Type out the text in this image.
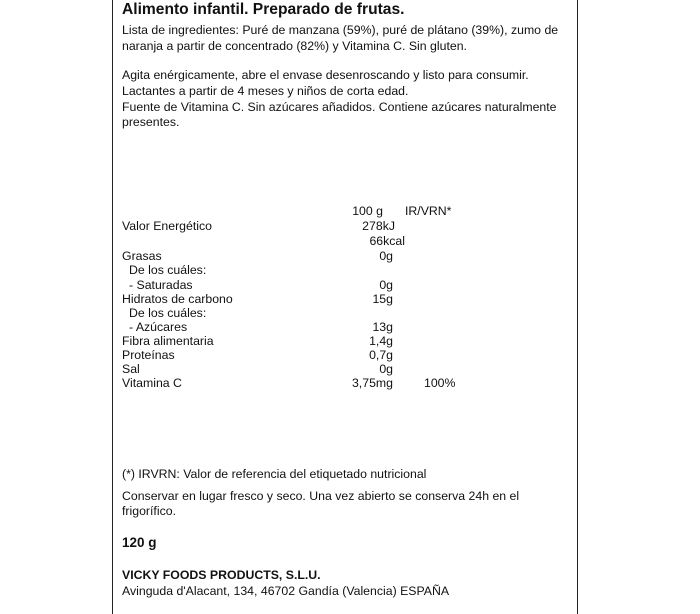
Alimento infantil. Preparado de frutas.
Lista de ingredientes: Puré de manzana (59%), puré de plátano (39%), zumo de
naranja a partir de concentrado (82%) y Vitamina C. Sin gluten.
Agita enérgicamente, abre el envase desenroscando y listo para consumir.
Lactantes a partir de 4 meses y niños de corta edad.
Fuente de Vitamina C. Sin azúcares añadidos. Contiene azúcares naturalmente
presentes.
100 g IR/VRN*
Valor Energético	278kJ
66kcal
Grasas	0g
De los cuáles:
- Saturadas	0g
Hidratos de carbono	15g
De los cuáles:
- Azúcares	13g
Fibra alimentaria	1,4g
Proteínas	0,7g
Sal	0g
Vitamina C	3,75mg	100%
(*) IRVRN: Valor de referencia del etiquetado nutricional
Conservar en lugar fresco y seco. Una vez abierto se conserva 24h en el
frigorífico.
120 g
VICKY FOODS PRODUCTS, S.L.U.
Avinguda d'Alacant, 134, 46702 Gandía (Valencia) ESPAÑA
